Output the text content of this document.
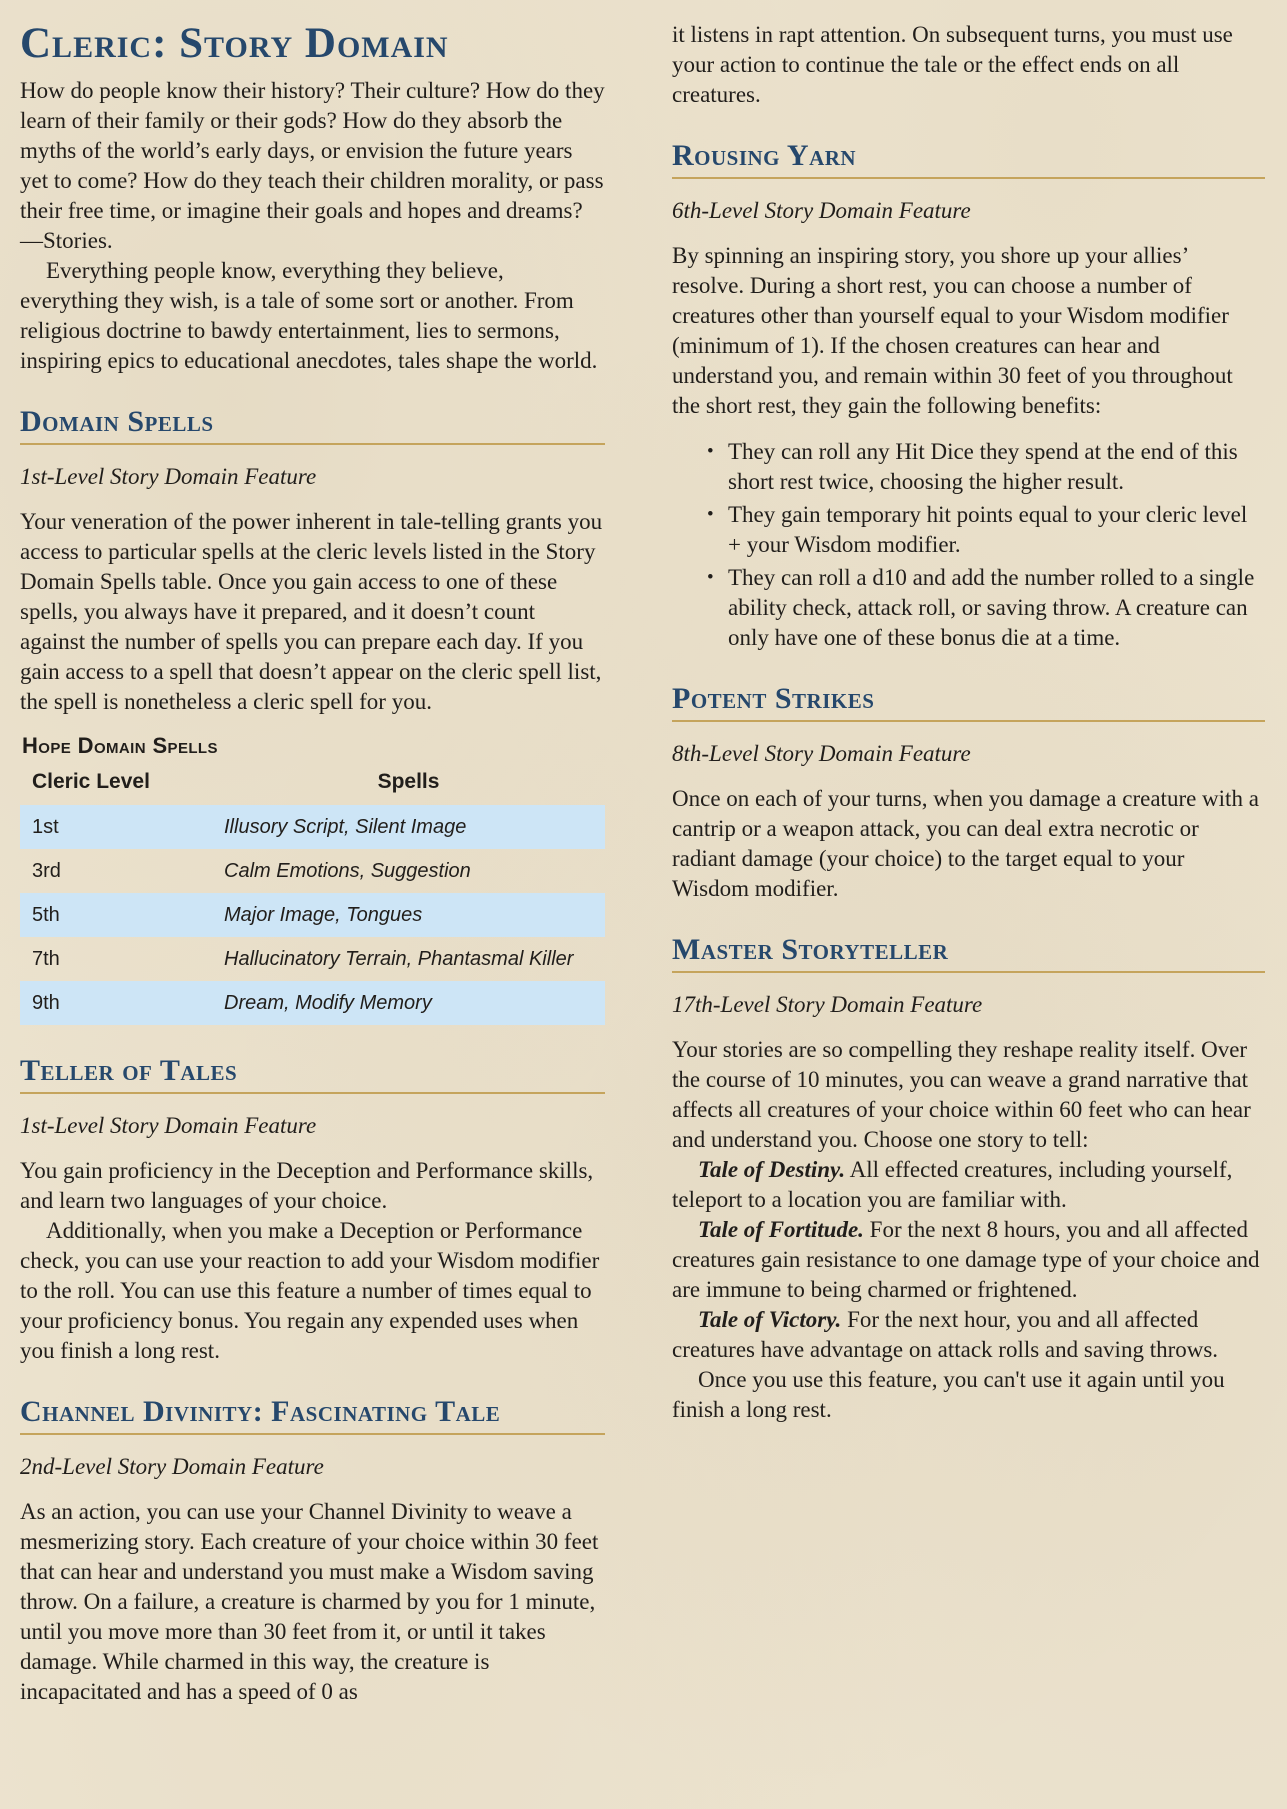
Cleric: Story Domain

How do people know their history? Their culture? How do they learn of their family or their gods? How do they absorb the myths of the world’s early days, or envision the future years yet to come? How do they teach their children morality, or pass their free time, or imagine their goals and hopes and dreams?—Stories.

Everything people know, everything they believe, everything they wish, is a tale of some sort or another. From religious doctrine to bawdy entertainment, lies to sermons, inspiring epics to educational anecdotes, tales shape the world.

Domain Spells
1st-Level Story Domain Feature

Your veneration of the power inherent in tale-telling grants you access to particular spells at the cleric levels listed in the Story Domain Spells table. Once you gain access to one of these spells, you always have it prepared, and it doesn’t count against the number of spells you can prepare each day. If you gain access to a spell that doesn’t appear on the cleric spell list, the spell is nonetheless a cleric spell for you.

Hope Domain Spells
Cleric Level	Spells
1st	Illusory Script, Silent Image
3rd	Calm Emotions, Suggestion
5th	Major Image, Tongues
7th	Hallucinatory Terrain, Phantasmal Killer
9th	Dream, Modify Memory
Teller of Tales
1st-Level Story Domain Feature

You gain proficiency in the Deception and Performance skills, and learn two languages of your choice.

Additionally, when you make a Deception or Performance check, you can use your reaction to add your Wisdom modifier to the roll. You can use this feature a number of times equal to your proficiency bonus. You regain any expended uses when you finish a long rest.

Channel Divinity: Fascinating Tale
2nd-Level Story Domain Feature

As an action, you can use your Channel Divinity to weave a mesmerizing story. Each creature of your choice within 30 feet that can hear and understand you must make a Wisdom saving throw. On a failure, a creature is charmed by you for 1 minute, until you move more than 30 feet from it, or until it takes damage. While charmed in this way, the creature is incapacitated and has a speed of 0 as

it listens in rapt attention. On subsequent turns, you must use your action to continue the tale or the effect ends on all creatures.

Rousing Yarn
6th-Level Story Domain Feature

By spinning an inspiring story, you shore up your allies’ resolve. During a short rest, you can choose a number of creatures other than yourself equal to your Wisdom modifier (minimum of 1). If the chosen creatures can hear and understand you, and remain within 30 feet of you throughout the short rest, they gain the following benefits:

• They can roll any Hit Dice they spend at the end of this short rest twice, choosing the higher result.
• They gain temporary hit points equal to your cleric level + your Wisdom modifier.
• They can roll a d10 and add the number rolled to a single ability check, attack roll, or saving throw. A creature can only have one of these bonus die at a time.
Potent Strikes
8th-Level Story Domain Feature

Once on each of your turns, when you damage a creature with a cantrip or a weapon attack, you can deal extra necrotic or radiant damage (your choice) to the target equal to your Wisdom modifier.

Master Storyteller
17th-Level Story Domain Feature

Your stories are so compelling they reshape reality itself. Over the course of 10 minutes, you can weave a grand narrative that affects all creatures of your choice within 60 feet who can hear and understand you. Choose one story to tell:

Tale of Destiny. All effected creatures, including yourself, teleport to a location you are familiar with.

Tale of Fortitude. For the next 8 hours, you and all affected creatures gain resistance to one damage type of your choice and are immune to being charmed or frightened.

Tale of Victory. For the next hour, you and all affected creatures have advantage on attack rolls and saving throws.

Once you use this feature, you can't use it again until you finish a long rest.
